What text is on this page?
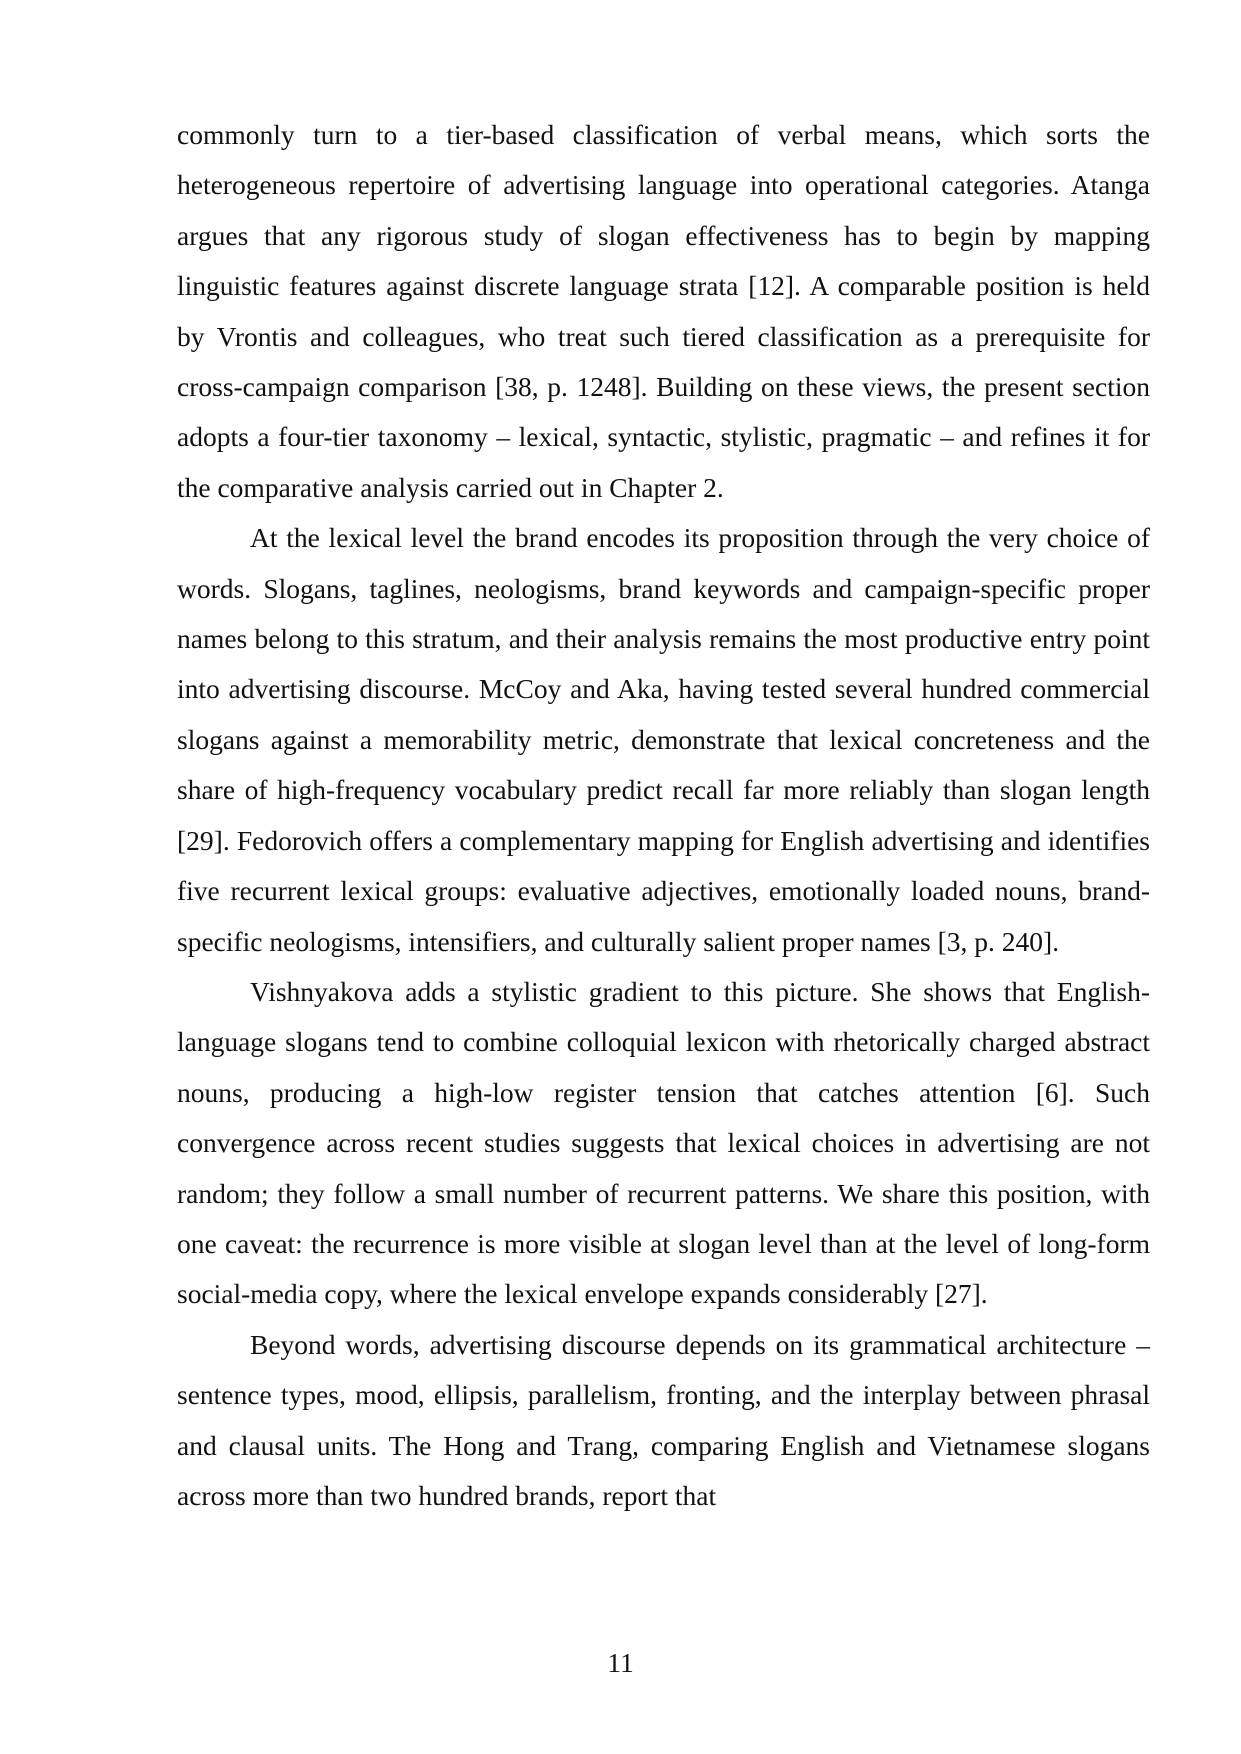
commonly turn to a tier-based classification of verbal means, which sorts the heterogeneous repertoire of advertising language into operational categories. Atanga argues that any rigorous study of slogan effectiveness has to begin by mapping linguistic features against discrete language strata [12]. A comparable position is held by Vrontis and colleagues, who treat such tiered classification as a prerequisite for cross-campaign comparison [38, p. 1248]. Building on these views, the present section adopts a four-tier taxonomy – lexical, syntactic, stylistic, pragmatic – and refines it for the comparative analysis carried out in Chapter 2.

At the lexical level the brand encodes its proposition through the very choice of words. Slogans, taglines, neologisms, brand keywords and campaign-specific proper names belong to this stratum, and their analysis remains the most productive entry point into advertising discourse. McCoy and Aka, having tested several hundred commercial slogans against a memorability metric, demonstrate that lexical concreteness and the share of high-frequency vocabulary predict recall far more reliably than slogan length [29]. Fedorovich offers a complementary mapping for English advertising and identifies five recurrent lexical groups: evaluative adjectives, emotionally loaded nouns, brand-specific neologisms, intensifiers, and culturally salient proper names [3, p. 240].

Vishnyakova adds a stylistic gradient to this picture. She shows that English-language slogans tend to combine colloquial lexicon with rhetorically charged abstract nouns, producing a high-low register tension that catches attention [6]. Such convergence across recent studies suggests that lexical choices in advertising are not random; they follow a small number of recurrent patterns. We share this position, with one caveat: the recurrence is more visible at slogan level than at the level of long-form social-media copy, where the lexical envelope expands considerably [27].

Beyond words, advertising discourse depends on its grammatical architecture – sentence types, mood, ellipsis, parallelism, fronting, and the interplay between phrasal and clausal units. The Hong and Trang, comparing English and Vietnamese slogans across more than two hundred brands, report that

11
